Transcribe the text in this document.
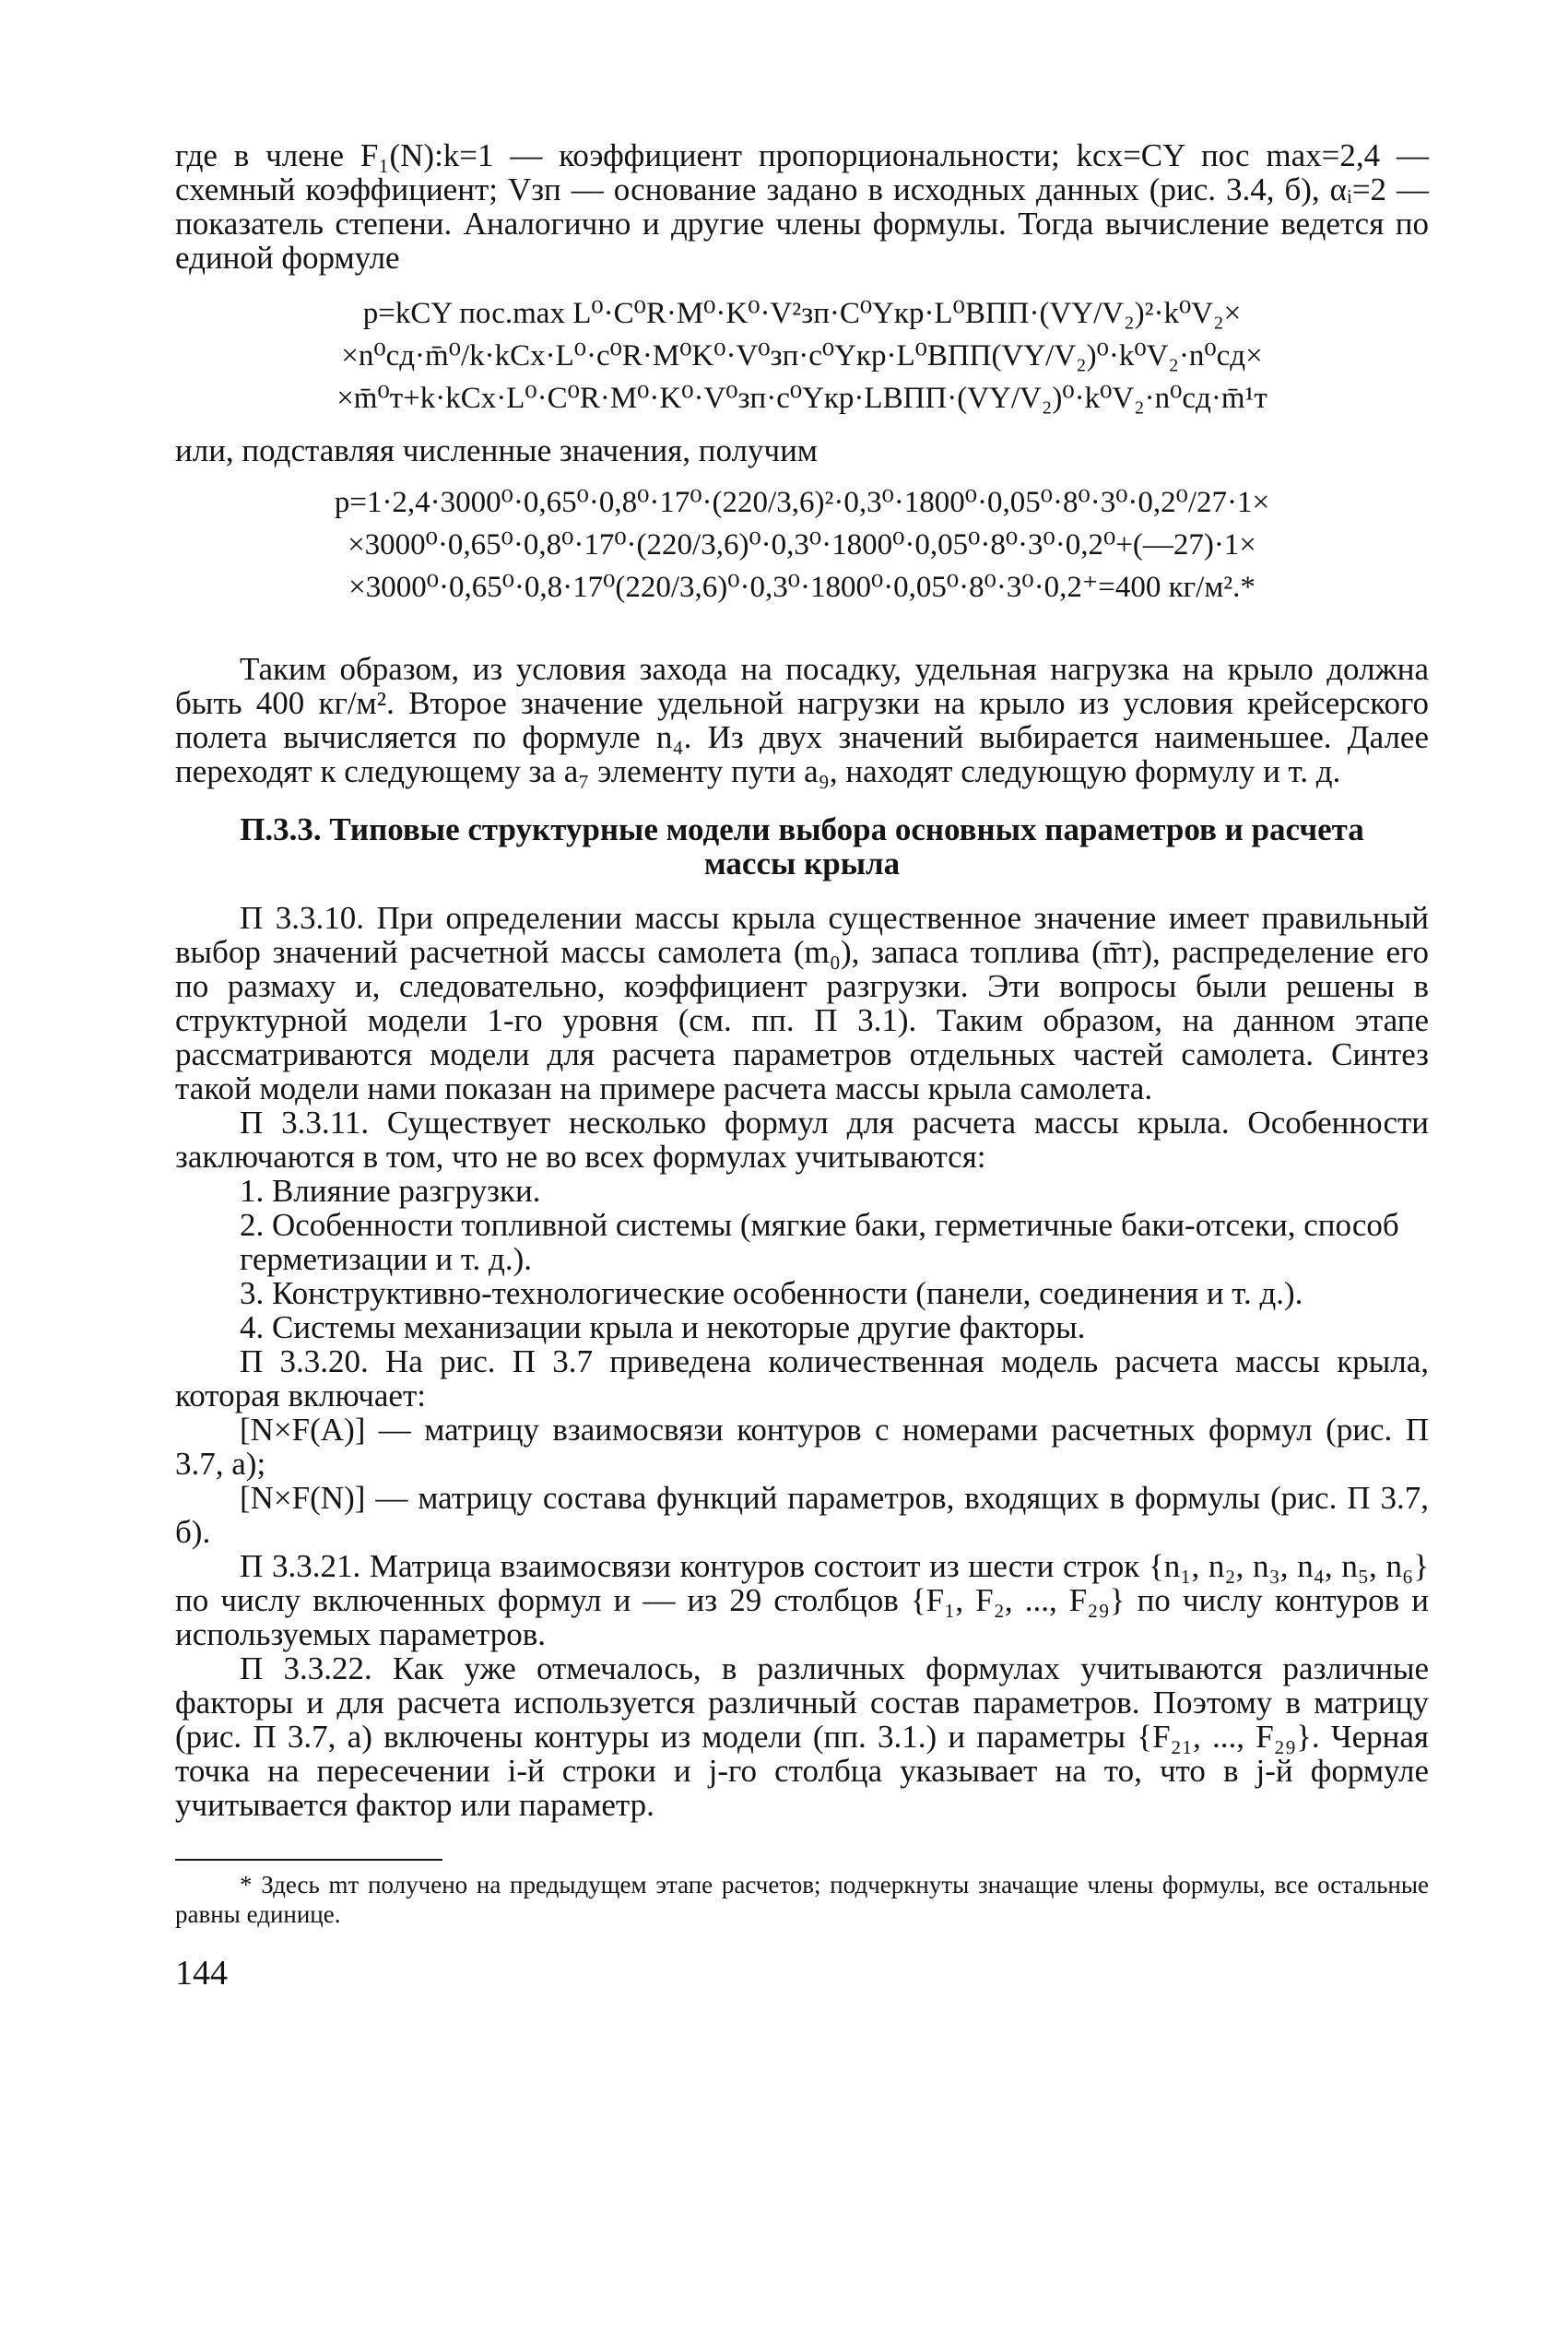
где в члене F₁(N):k=1 — коэффициент пропорциональности; kcx=CY пос max=2,4 — схемный коэффициент; Vзп — основание задано в исходных данных (рис. 3.4, б), αᵢ=2 — показатель степени. Аналогично и другие члены формулы. Тогда вычисление ведется по единой формуле

p=kCY пос.max L⁰·C⁰R·M⁰·K⁰·V²зп·C⁰Yкр·L⁰ВПП·(VY/V₂)²·k⁰V₂×
×n⁰сд·m̄⁰/k·kCx·L⁰·c⁰R·M⁰K⁰·V⁰зп·c⁰Yкр·L⁰ВПП(VY/V₂)⁰·k⁰V₂·n⁰сд×
×m̄⁰т+k·kCx·L⁰·C⁰R·M⁰·K⁰·V⁰зп·c⁰Yкр·LВПП·(VY/V₂)⁰·k⁰V₂·n⁰сд·m̄¹т

или, подставляя численные значения, получим

p=1·2,4·3000⁰·0,65⁰·0,8⁰·17⁰·(220/3,6)²·0,3⁰·1800⁰·0,05⁰·8⁰·3⁰·0,2⁰/27·1×
×3000⁰·0,65⁰·0,8⁰·17⁰·(220/3,6)⁰·0,3⁰·1800⁰·0,05⁰·8⁰·3⁰·0,2⁰+(—27)·1×
×3000⁰·0,65⁰·0,8·17⁰(220/3,6)⁰·0,3⁰·1800⁰·0,05⁰·8⁰·3⁰·0,2⁺=400 кг/м².*

Таким образом, из условия захода на посадку, удельная нагрузка на крыло должна быть 400 кг/м². Второе значение удельной нагрузки на крыло из условия крейсерского полета вычисляется по формуле n₄. Из двух значений выбирается наименьшее. Далее переходят к следующему за a₇ элементу пути a₉, находят следующую формулу и т. д.

П.3.3. Типовые структурные модели выбора основных параметров и расчета массы крыла

П 3.3.10. При определении массы крыла существенное значение имеет правильный выбор значений расчетной массы самолета (m₀), запаса топлива (m̄т), распределение его по размаху и, следовательно, коэффициент разгрузки. Эти вопросы были решены в структурной модели 1-го уровня (см. пп. П 3.1). Таким образом, на данном этапе рассматриваются модели для расчета параметров отдельных частей самолета. Синтез такой модели нами показан на примере расчета массы крыла самолета.

П 3.3.11. Существует несколько формул для расчета массы крыла. Особенности заключаются в том, что не во всех формулах учитываются:

1. Влияние разгрузки.
2. Особенности топливной системы (мягкие баки, герметичные баки-отсеки, способ герметизации и т. д.).
3. Конструктивно-технологические особенности (панели, соединения и т. д.).
4. Системы механизации крыла и некоторые другие факторы.

П 3.3.20. На рис. П 3.7 приведена количественная модель расчета массы крыла, которая включает:

[N×F(A)] — матрицу взаимосвязи контуров с номерами расчетных формул (рис. П 3.7, а);

[N×F(N)] — матрицу состава функций параметров, входящих в формулы (рис. П 3.7, б).

П 3.3.21. Матрица взаимосвязи контуров состоит из шести строк {n₁, n₂, n₃, n₄, n₅, n₆} по числу включенных формул и — из 29 столбцов {F₁, F₂, ..., F₂₉} по числу контуров и используемых параметров.

П 3.3.22. Как уже отмечалось, в различных формулах учитываются различные факторы и для расчета используется различный состав параметров. Поэтому в матрицу (рис. П 3.7, а) включены контуры из модели (пп. 3.1.) и параметры {F₂₁, ..., F₂₉}. Черная точка на пересечении i-й строки и j-го столбца указывает на то, что в j-й формуле учитывается фактор или параметр.

* Здесь mт получено на предыдущем этапе расчетов; подчеркнуты значащие члены формулы, все остальные равны единице.

144
